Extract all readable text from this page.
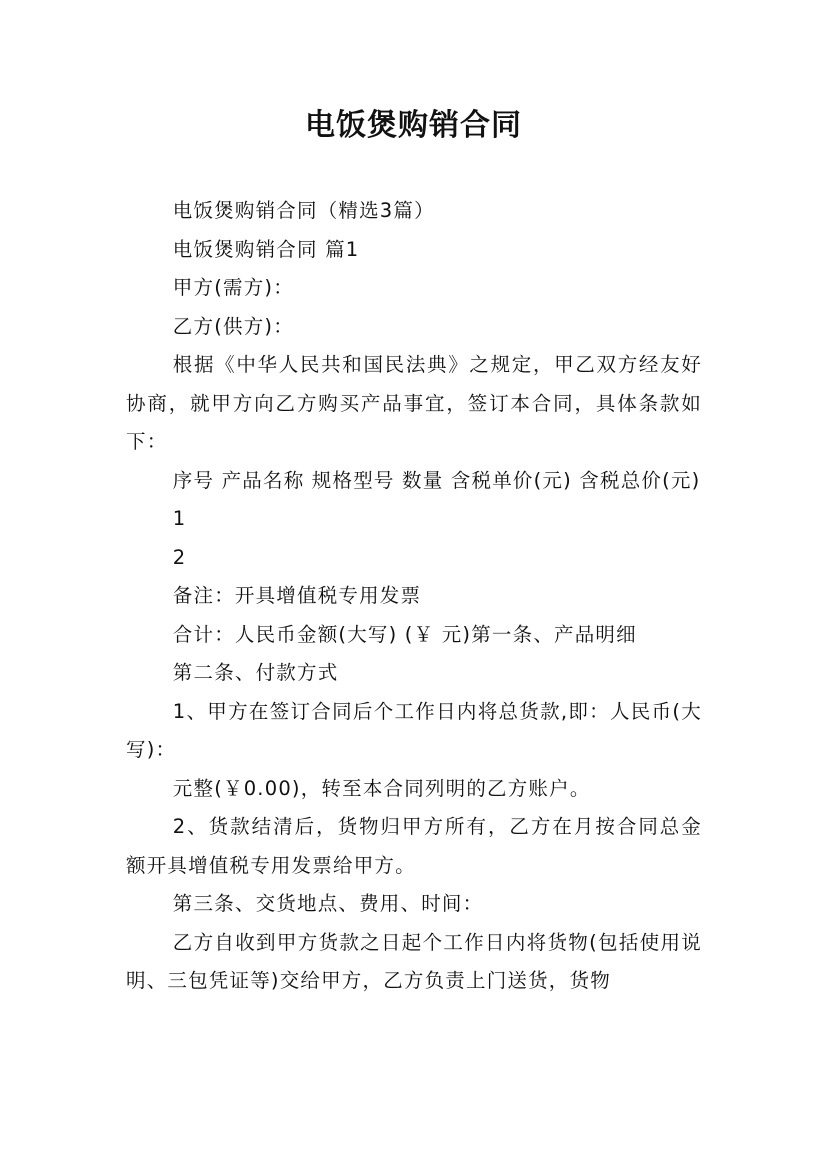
电饭煲购销合同

电饭煲购销合同（精选3篇）

电饭煲购销合同 篇1

甲方(需方)：

乙方(供方)：

根据《中华人民共和国民法典》之规定，甲乙双方经友好协商，就甲方向乙方购买产品事宜，签订本合同，具体条款如下：

序号 产品名称 规格型号 数量 含税单价(元) 含税总价(元)

1

2

备注：开具增值税专用发票

合计：人民币金额(大写) (￥ 元)第一条、产品明细

第二条、付款方式

1、甲方在签订合同后个工作日内将总货款,即：人民币(大写)：

元整(￥0.00)，转至本合同列明的乙方账户。

2、货款结清后，货物归甲方所有，乙方在月按合同总金额开具增值税专用发票给甲方。

第三条、交货地点、费用、时间：

乙方自收到甲方货款之日起个工作日内将货物(包括使用说明、三包凭证等)交给甲方，乙方负责上门送货，货物
